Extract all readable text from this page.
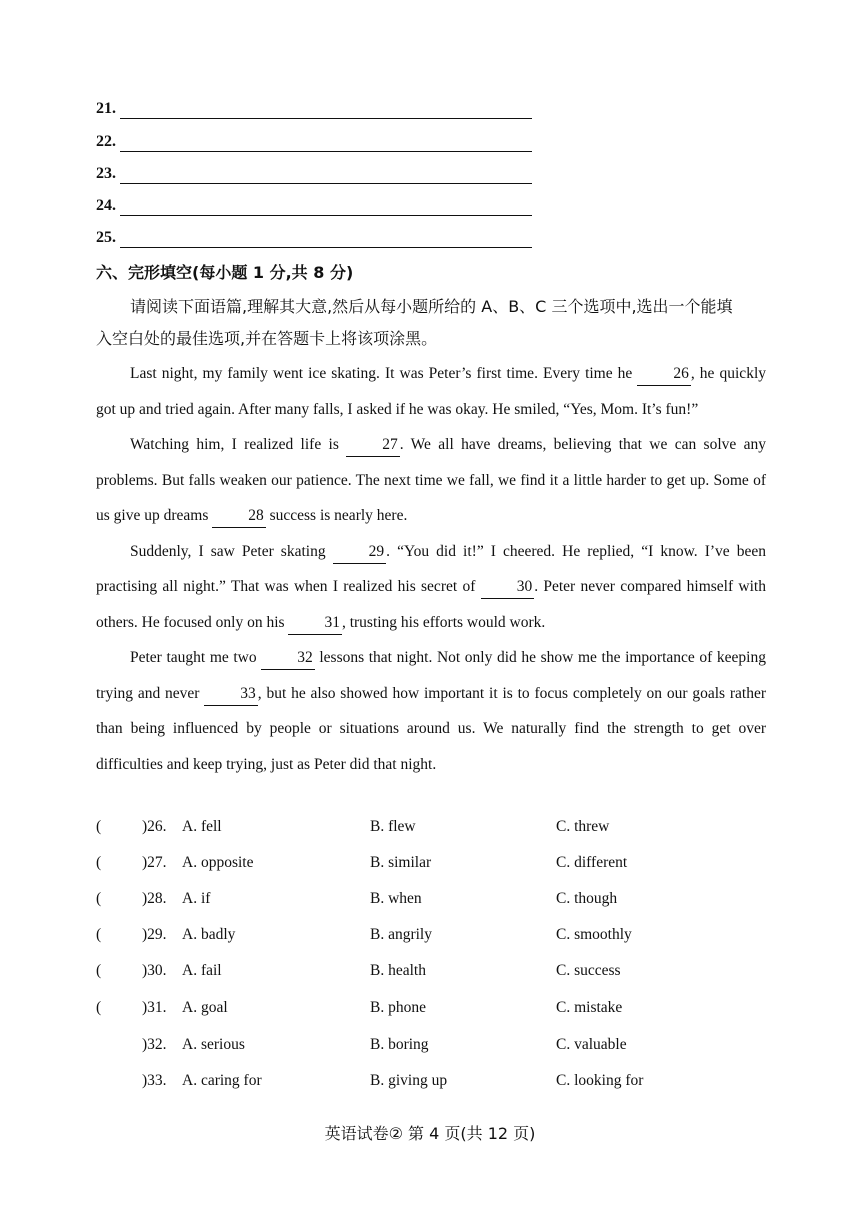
21.
22.
23.
24.
25.
六、完形填空(每小题 1 分,共 8 分)
请阅读下面语篇,理解其大意,然后从每小题所给的 A、B、C 三个选项中,选出一个能填
入空白处的最佳选项,并在答题卡上将该项涂黑。

Last night, my family went ice skating. It was Peter’s first time. Every time he 26 , he quickly got up and tried again. After many falls, I asked if he was okay. He smiled, “Yes, Mom. It’s fun!”

Watching him, I realized life is 27 . We all have dreams, believing that we can solve any problems. But falls weaken our patience. The next time we fall, we find it a little harder to get up. Some of us give up dreams 28 success is nearly here.

Suddenly, I saw Peter skating 29 . “You did it!” I cheered. He replied, “I know. I’ve been practising all night.” That was when I realized his secret of 30 . Peter never compared himself with others. He focused only on his 31 , trusting his efforts would work.

Peter taught me two 32 lessons that night. Not only did he show me the importance of keeping trying and never 33 , but he also showed how important it is to focus completely on our goals rather than being influenced by people or situations around us. We naturally find the strength to get over difficulties and keep trying, just as Peter did that night.

(	)26. A. fell	B. flew	C. threw
(	)27. A. opposite	B. similar	C. different
(	)28. A. if	B. when	C. though
(	)29. A. badly	B. angrily	C. smoothly
(	)30. A. fail	B. health	C. success
(	)31. A. goal	B. phone	C. mistake
)32. A. serious	B. boring	C. valuable
)33. A. caring for	B. giving up	C. looking for
英语试卷② 第 4 页(共 12 页)
